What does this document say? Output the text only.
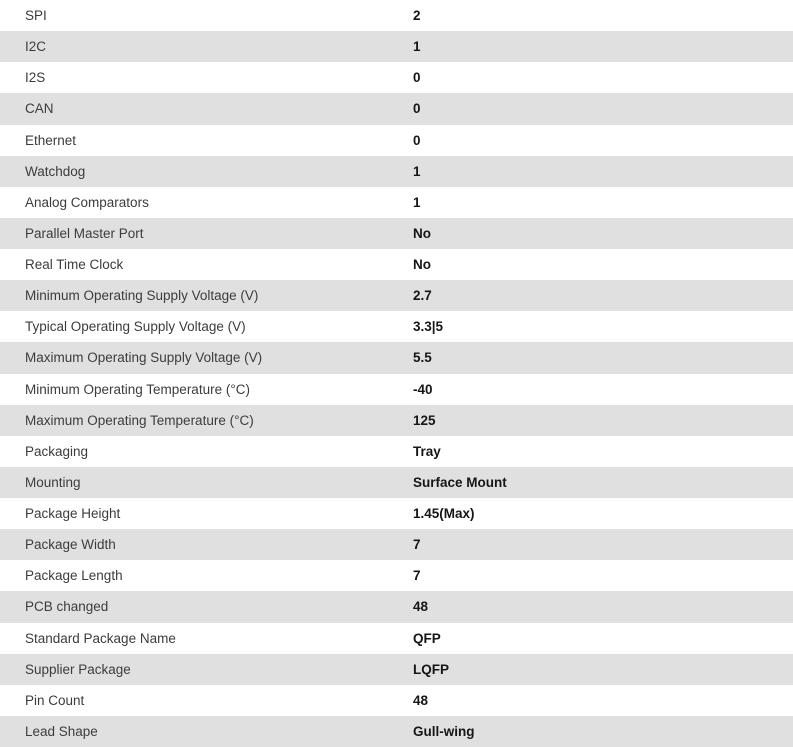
SPI	2
I2C	1
I2S	0
CAN	0
Ethernet	0
Watchdog	1
Analog Comparators	1
Parallel Master Port	No
Real Time Clock	No
Minimum Operating Supply Voltage (V)	2.7
Typical Operating Supply Voltage (V)	3.3|5
Maximum Operating Supply Voltage (V)	5.5
Minimum Operating Temperature (°C)	-40
Maximum Operating Temperature (°C)	125
Packaging	Tray
Mounting	Surface Mount
Package Height	1.45(Max)
Package Width	7
Package Length	7
PCB changed	48
Standard Package Name	QFP
Supplier Package	LQFP
Pin Count	48
Lead Shape	Gull-wing
